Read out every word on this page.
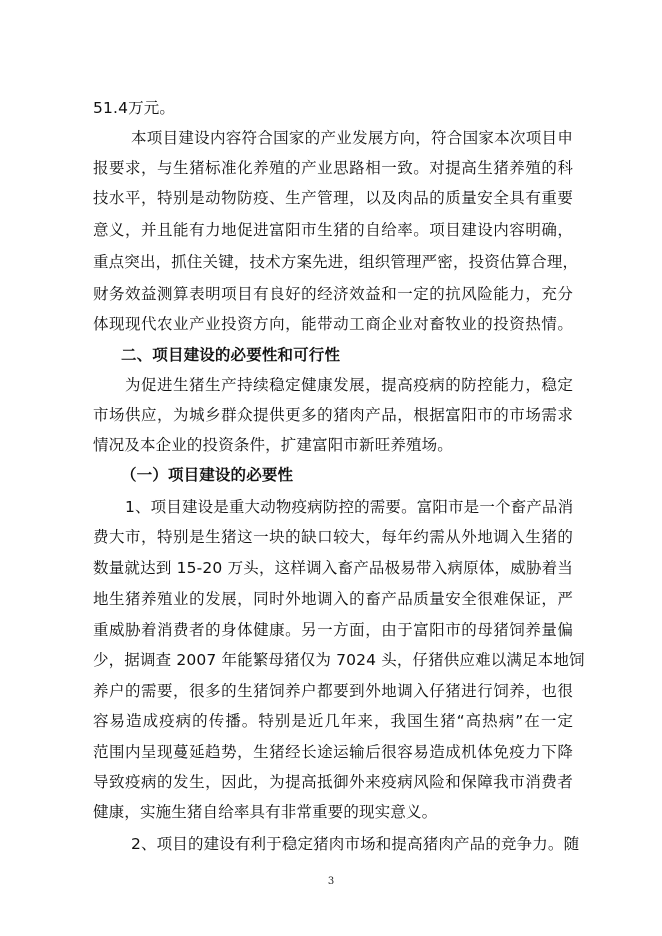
51.4万元。
本项目建设内容符合国家的产业发展方向，符合国家本次项目申
报要求，与生猪标准化养殖的产业思路相一致。对提高生猪养殖的科
技水平，特别是动物防疫、生产管理，以及肉品的质量安全具有重要
意义，并且能有力地促进富阳市生猪的自给率。项目建设内容明确，
重点突出，抓住关键，技术方案先进，组织管理严密，投资估算合理，
财务效益测算表明项目有良好的经济效益和一定的抗风险能力，充分
体现现代农业产业投资方向，能带动工商企业对畜牧业的投资热情。
二、项目建设的必要性和可行性
为促进生猪生产持续稳定健康发展，提高疫病的防控能力，稳定
市场供应，为城乡群众提供更多的猪肉产品，根据富阳市的市场需求
情况及本企业的投资条件，扩建富阳市新旺养殖场。
（一）项目建设的必要性
1、项目建设是重大动物疫病防控的需要。富阳市是一个畜产品消
费大市，特别是生猪这一块的缺口较大，每年约需从外地调入生猪的
数量就达到 15-20 万头，这样调入畜产品极易带入病原体，威胁着当
地生猪养殖业的发展，同时外地调入的畜产品质量安全很难保证，严
重威胁着消费者的身体健康。另一方面，由于富阳市的母猪饲养量偏
少，据调查 2007 年能繁母猪仅为 7024 头，仔猪供应难以满足本地饲
养户的需要，很多的生猪饲养户都要到外地调入仔猪进行饲养，也很
容易造成疫病的传播。特别是近几年来，我国生猪“高热病”在一定
范围内呈现蔓延趋势，生猪经长途运输后很容易造成机体免疫力下降
导致疫病的发生，因此，为提高抵御外来疫病风险和保障我市消费者
健康，实施生猪自给率具有非常重要的现实意义。
2、项目的建设有利于稳定猪肉市场和提高猪肉产品的竞争力。随
3
